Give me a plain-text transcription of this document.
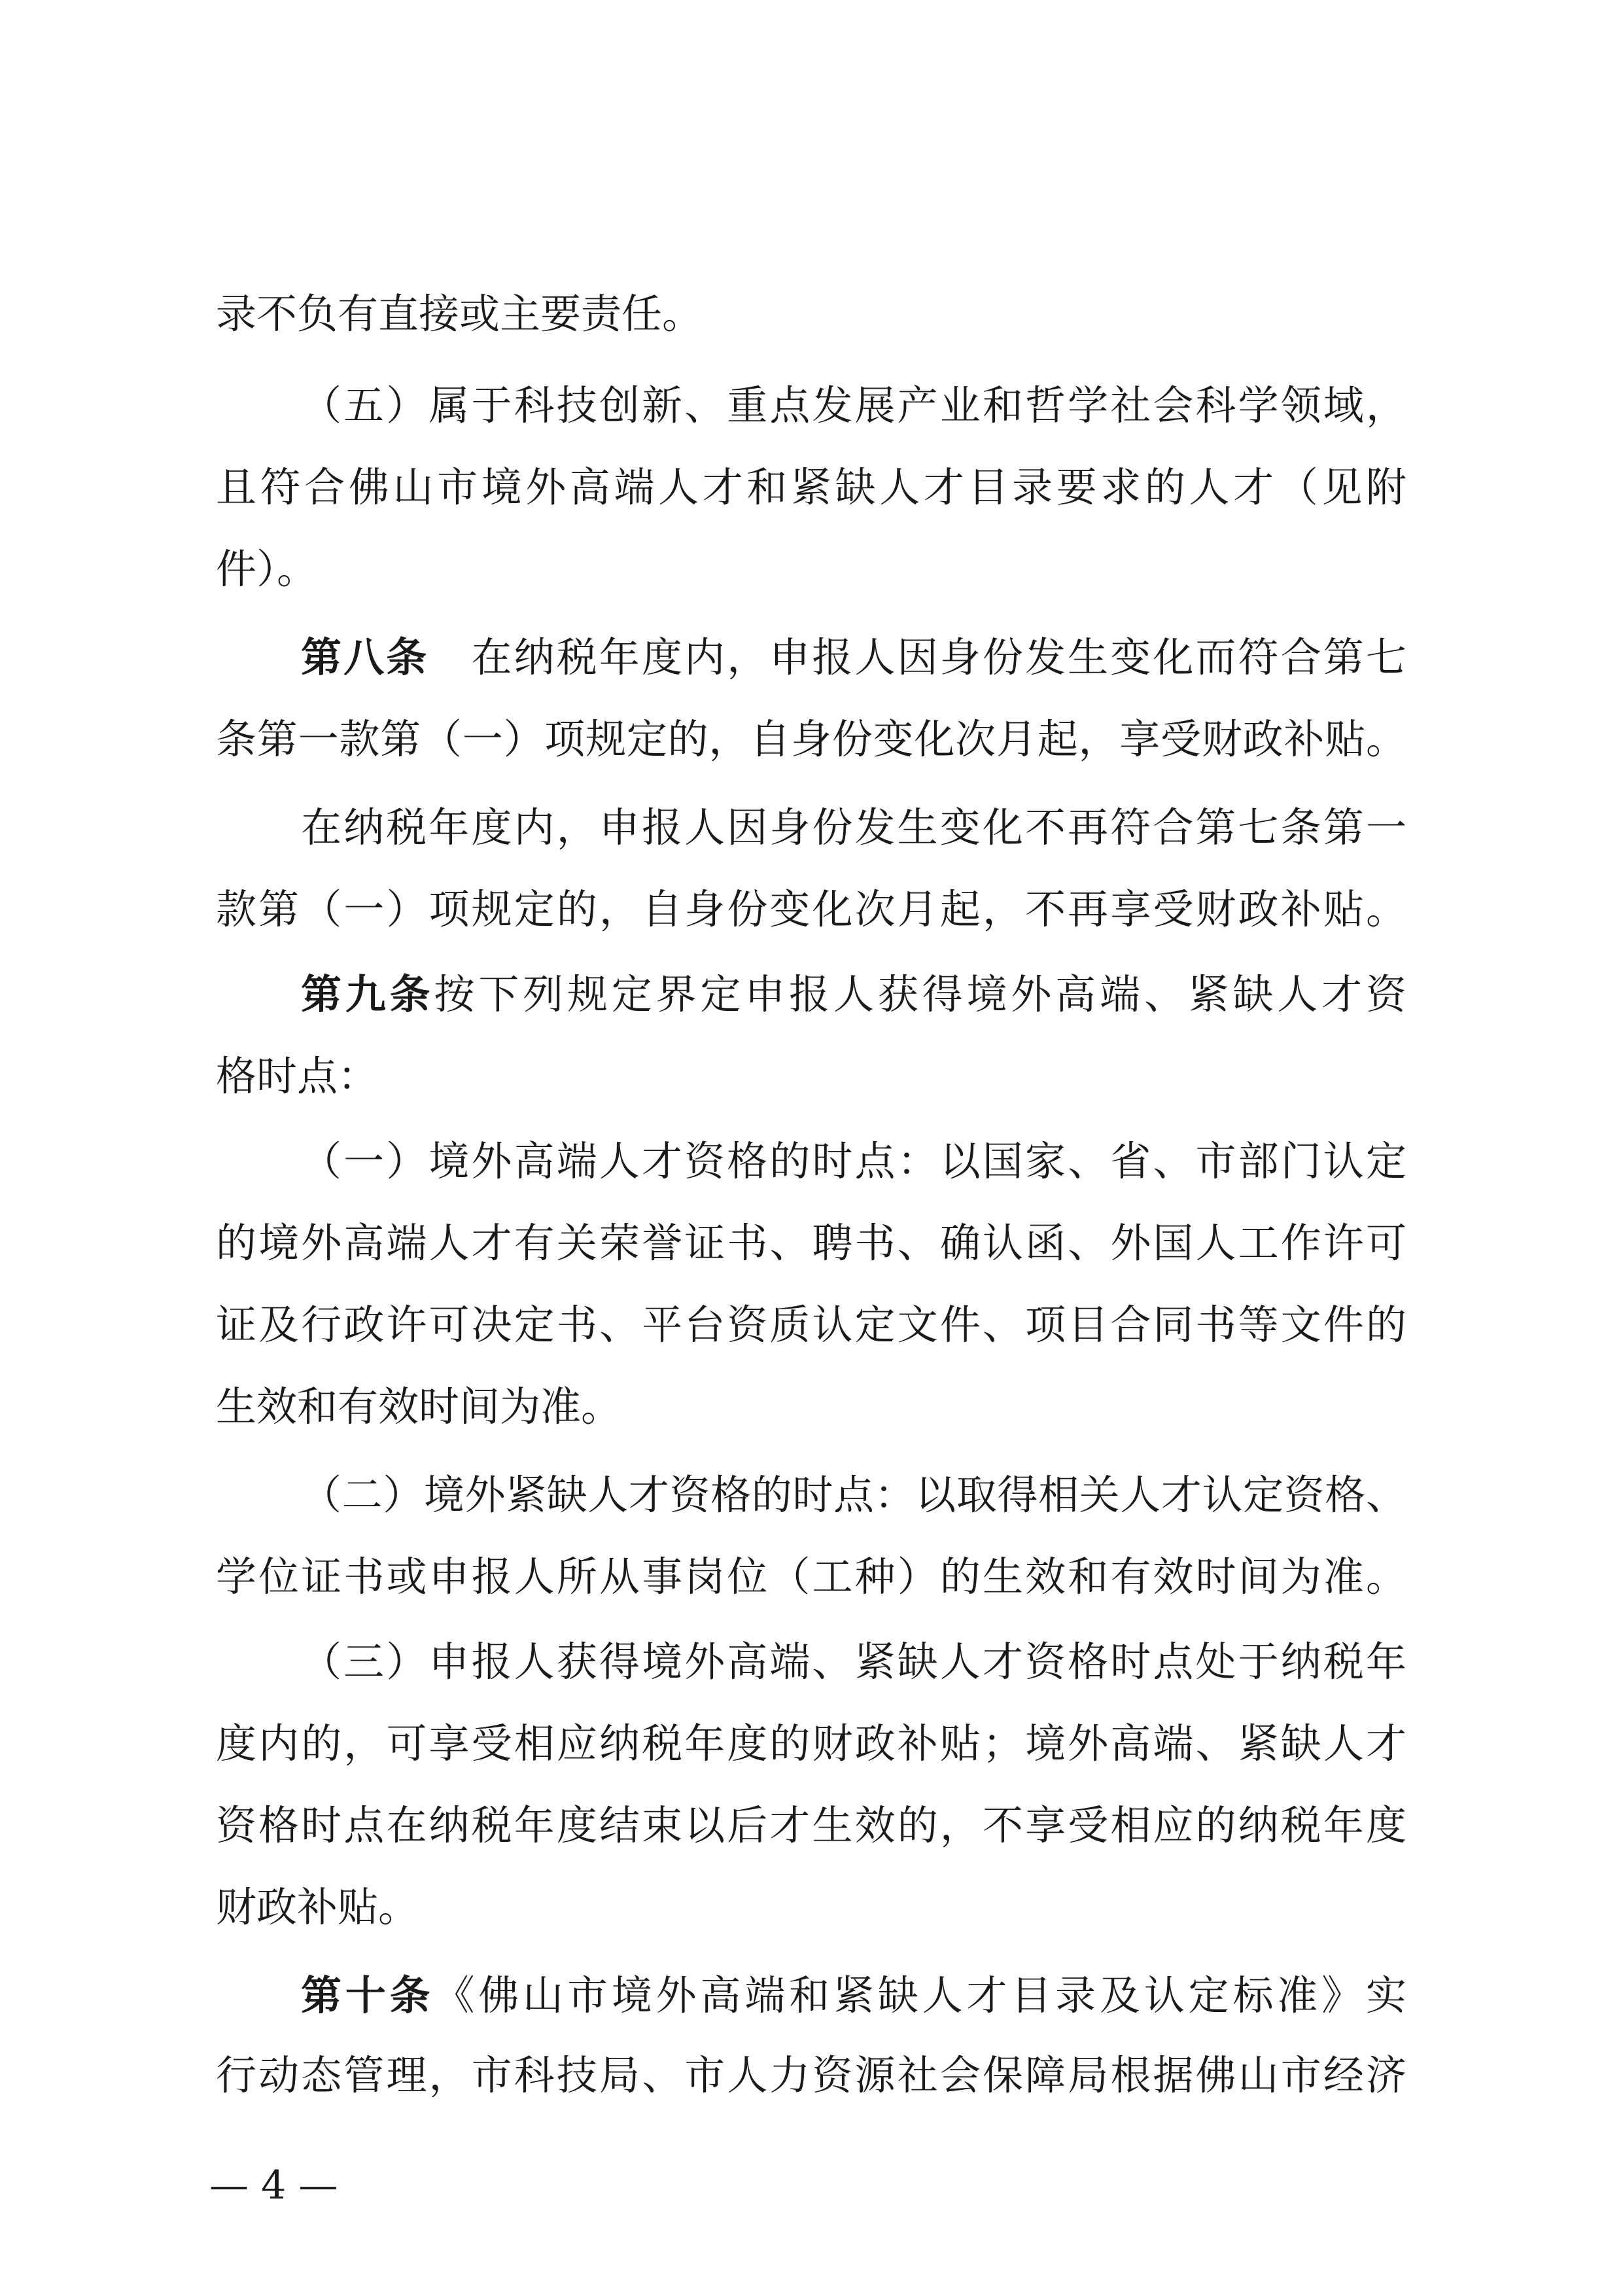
录不负有直接或主要责任。
（五）属于科技创新、重点发展产业和哲学社会科学领域，
且符合佛山市境外高端人才和紧缺人才目录要求的人才（见附
件）。
第八条　在纳税年度内，申报人因身份发生变化而符合第七
条第一款第（一）项规定的，自身份变化次月起，享受财政补贴。
在纳税年度内，申报人因身份发生变化不再符合第七条第一
款第（一）项规定的，自身份变化次月起，不再享受财政补贴。
第九条按下列规定界定申报人获得境外高端、紧缺人才资
格时点：
（一）境外高端人才资格的时点：以国家、省、市部门认定
的境外高端人才有关荣誉证书、聘书、确认函、外国人工作许可
证及行政许可决定书、平台资质认定文件、项目合同书等文件的
生效和有效时间为准。
（二）境外紧缺人才资格的时点：以取得相关人才认定资格、
学位证书或申报人所从事岗位（工种）的生效和有效时间为准。
（三）申报人获得境外高端、紧缺人才资格时点处于纳税年
度内的，可享受相应纳税年度的财政补贴；境外高端、紧缺人才
资格时点在纳税年度结束以后才生效的，不享受相应的纳税年度
财政补贴。
第十条《佛山市境外高端和紧缺人才目录及认定标准》实
行动态管理，市科技局、市人力资源社会保障局根据佛山市经济
— 4 —
